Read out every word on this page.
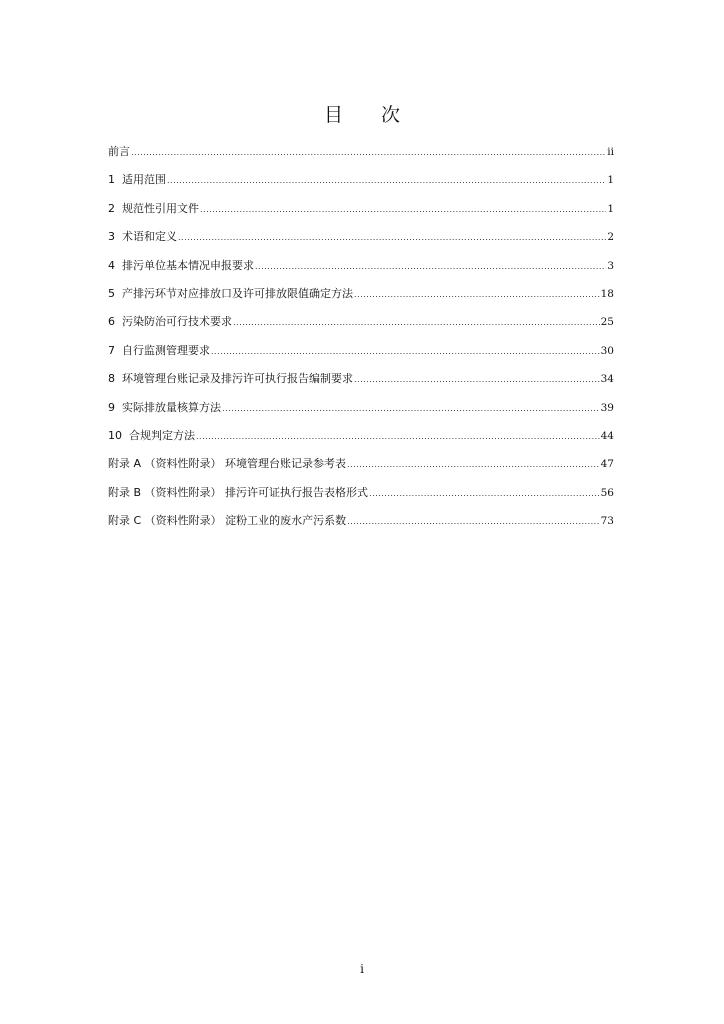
目 次
前言 .....	ii
1  适用范围 .....	1
2  规范性引用文件 .....	1
3  术语和定义 .....	2
4  排污单位基本情况申报要求 .....	3
5  产排污环节对应排放口及许可排放限值确定方法 .....	18
6  污染防治可行技术要求 .....	25
7  自行监测管理要求 .....	30
8  环境管理台账记录及排污许可执行报告编制要求 .....	34
9  实际排放量核算方法 .....	39
10  合规判定方法 .....	44
附录 A （资料性附录） 环境管理台账记录参考表 .....	47
附录 B （资料性附录） 排污许可证执行报告表格形式 .....	56
附录 C （资料性附录） 淀粉工业的废水产污系数 .....	73
i
